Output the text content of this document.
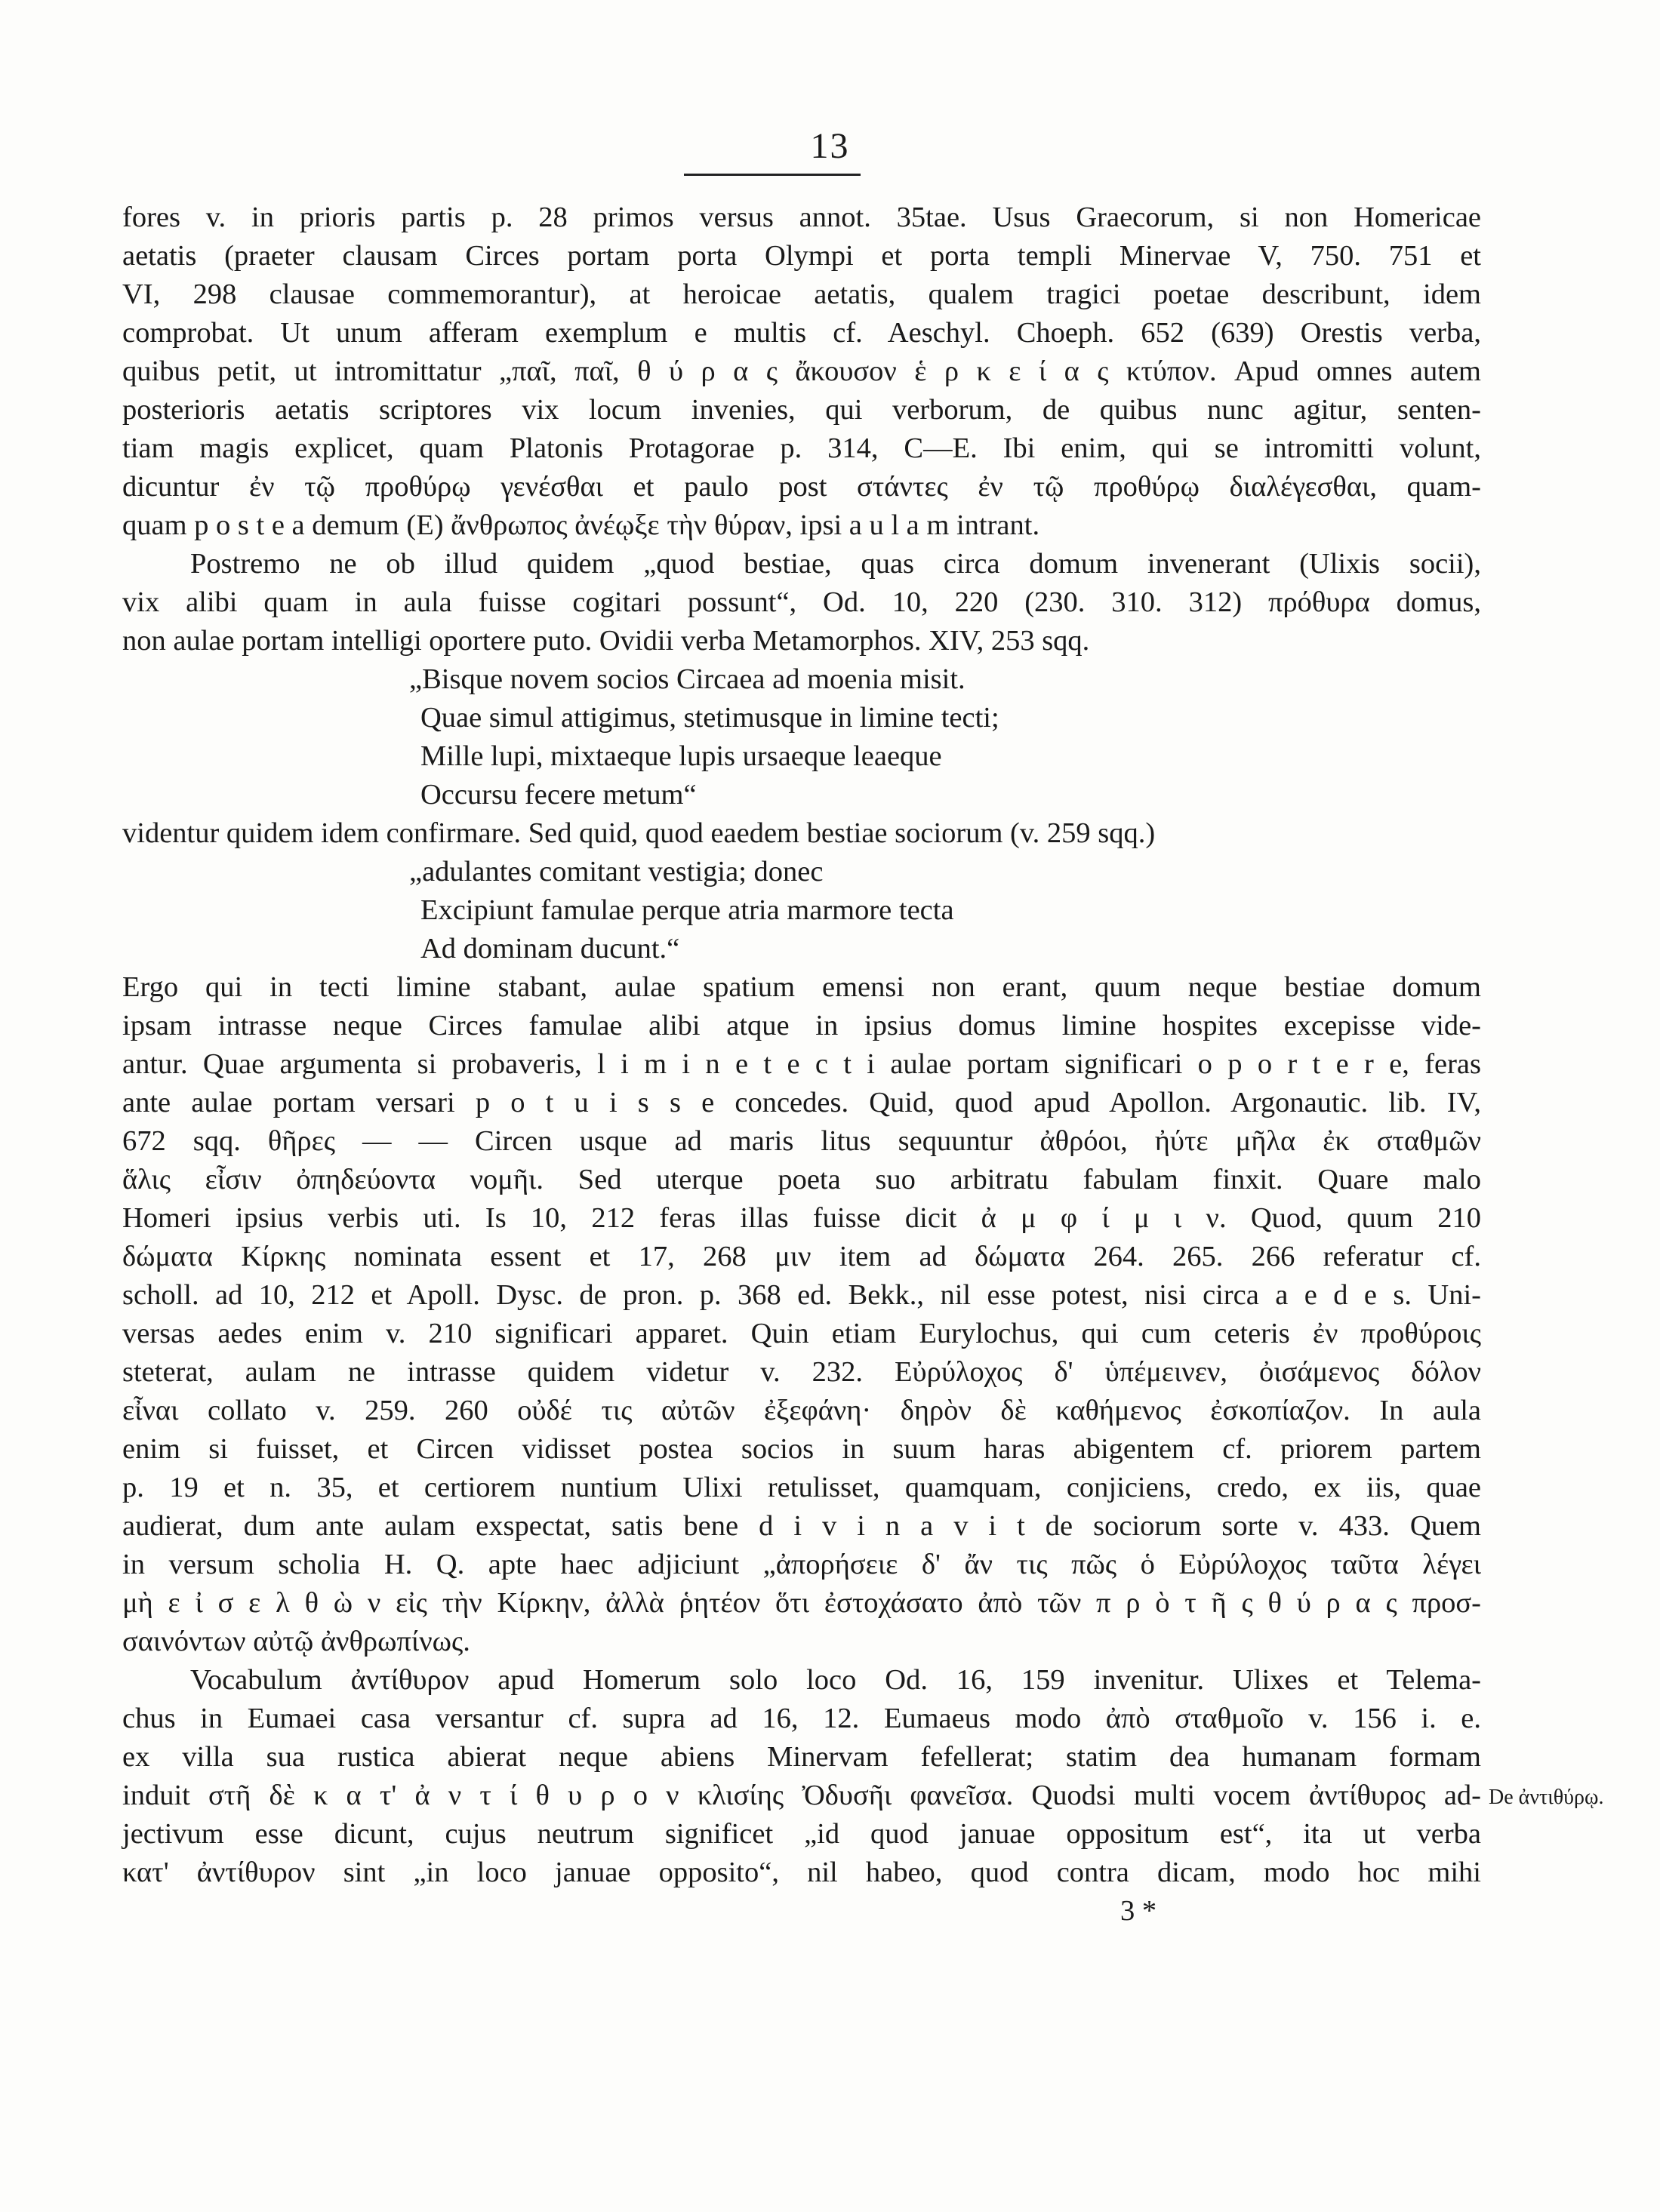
13
fores v. in prioris partis p. 28 primos versus annot. 35tae. Usus Graecorum, si non Homericae
aetatis (praeter clausam Circes portam porta Olympi et porta templi Minervae V, 750. 751 et
VI, 298 clausae commemorantur), at heroicae aetatis, qualem tragici poetae describunt, idem
comprobat. Ut unum afferam exemplum e multis cf. Aeschyl. Choeph. 652 (639) Orestis verba,
quibus petit, ut intromittatur „παῖ, παῖ, θ ύ ρ α ς ἄκουσον ἑ ρ κ ε ί α ς κτύπον. Apud omnes autem
posterioris aetatis scriptores vix locum invenies, qui verborum, de quibus nunc agitur, senten-
tiam magis explicet, quam Platonis Protagorae p. 314, C—E. Ibi enim, qui se intromitti volunt,
dicuntur ἐν τῷ προθύρῳ γενέσθαι et paulo post στάντες ἐν τῷ προθύρῳ διαλέγεσθαι, quam-
quam p o s t e a demum (E) ἄνθρωπος ἀνέῳξε τὴν θύραν, ipsi a u l a m intrant.
Postremo ne ob illud quidem „quod bestiae, quas circa domum invenerant (Ulixis socii),
vix alibi quam in aula fuisse cogitari possunt“, Od. 10, 220 (230. 310. 312) πρόθυρα domus,
non aulae portam intelligi oportere puto. Ovidii verba Metamorphos. XIV, 253 sqq.
„Bisque novem socios Circaea ad moenia misit.
Quae simul attigimus, stetimusque in limine tecti;
Mille lupi, mixtaeque lupis ursaeque leaeque
Occursu fecere metum“
videntur quidem idem confirmare. Sed quid, quod eaedem bestiae sociorum (v. 259 sqq.)
„adulantes comitant vestigia; donec
Excipiunt famulae perque atria marmore tecta
Ad dominam ducunt.“
Ergo qui in tecti limine stabant, aulae spatium emensi non erant, quum neque bestiae domum
ipsam intrasse neque Circes famulae alibi atque in ipsius domus limine hospites excepisse vide-
antur. Quae argumenta si probaveris, l i m i n e t e c t i aulae portam significari o p o r t e r e, feras
ante aulae portam versari p o t u i s s e concedes. Quid, quod apud Apollon. Argonautic. lib. IV,
672 sqq. θῆρες — — Circen usque ad maris litus sequuntur ἀθρόοι, ἠύτε μῆλα ἐκ σταθμῶν
ἅλις εἶσιν ὀπηδεύοντα νομῆι. Sed uterque poeta suo arbitratu fabulam finxit. Quare malo
Homeri ipsius verbis uti. Is 10, 212 feras illas fuisse dicit ἀ μ φ ί μ ι ν. Quod, quum 210
δώματα Κίρκης nominata essent et 17, 268 μιν item ad δώματα 264. 265. 266 referatur cf.
scholl. ad 10, 212 et Apoll. Dysc. de pron. p. 368 ed. Bekk., nil esse potest, nisi circa a e d e s. Uni-
versas aedes enim v. 210 significari apparet. Quin etiam Eurylochus, qui cum ceteris ἐν προθύροις
steterat, aulam ne intrasse quidem videtur v. 232. Εὐρύλοχος δ' ὑπέμεινεν, ὀισάμενος δόλον
εἶναι collato v. 259. 260 οὐδέ τις αὐτῶν ἐξεφάνη· δηρὸν δὲ καθήμενος ἐσκοπίαζον. In aula
enim si fuisset, et Circen vidisset postea socios in suum haras abigentem cf. priorem partem
p. 19 et n. 35, et certiorem nuntium Ulixi retulisset, quamquam, conjiciens, credo, ex iis, quae
audierat, dum ante aulam exspectat, satis bene d i v i n a v i t de sociorum sorte v. 433. Quem
in versum scholia H. Q. apte haec adjiciunt „ἀπορήσειε δ' ἄν τις πῶς ὁ Εὐρύλοχος ταῦτα λέγει
μὴ ε ἰ σ ε λ θ ὼ ν εἰς τὴν Κίρκην, ἀλλὰ ῥητέον ὅτι ἐστοχάσατο ἀπὸ τῶν π ρ ὸ τ ῆ ς θ ύ ρ α ς προσ-
σαινόντων αὐτῷ ἀνθρωπίνως.
Vocabulum ἀντίθυρον apud Homerum solo loco Od. 16, 159 invenitur. Ulixes et Telema-
chus in Eumaei casa versantur cf. supra ad 16, 12. Eumaeus modo ἀπὸ σταθμοῖο v. 156 i. e.
ex villa sua rustica abierat neque abiens Minervam fefellerat; statim dea humanam formam
induit στῆ δὲ κ α τ' ἀ ν τ ί θ υ ρ ο ν κλισίης Ὀδυσῆι φανεῖσα. Quodsi multi vocem ἀντίθυρος ad-
jectivum esse dicunt, cujus neutrum significet „id quod januae oppositum est“, ita ut verba
κατ' ἀντίθυρον sint „in loco januae opposito“, nil habeo, quod contra dicam, modo hoc mihi
3 *
De ἀντιθύρῳ.
